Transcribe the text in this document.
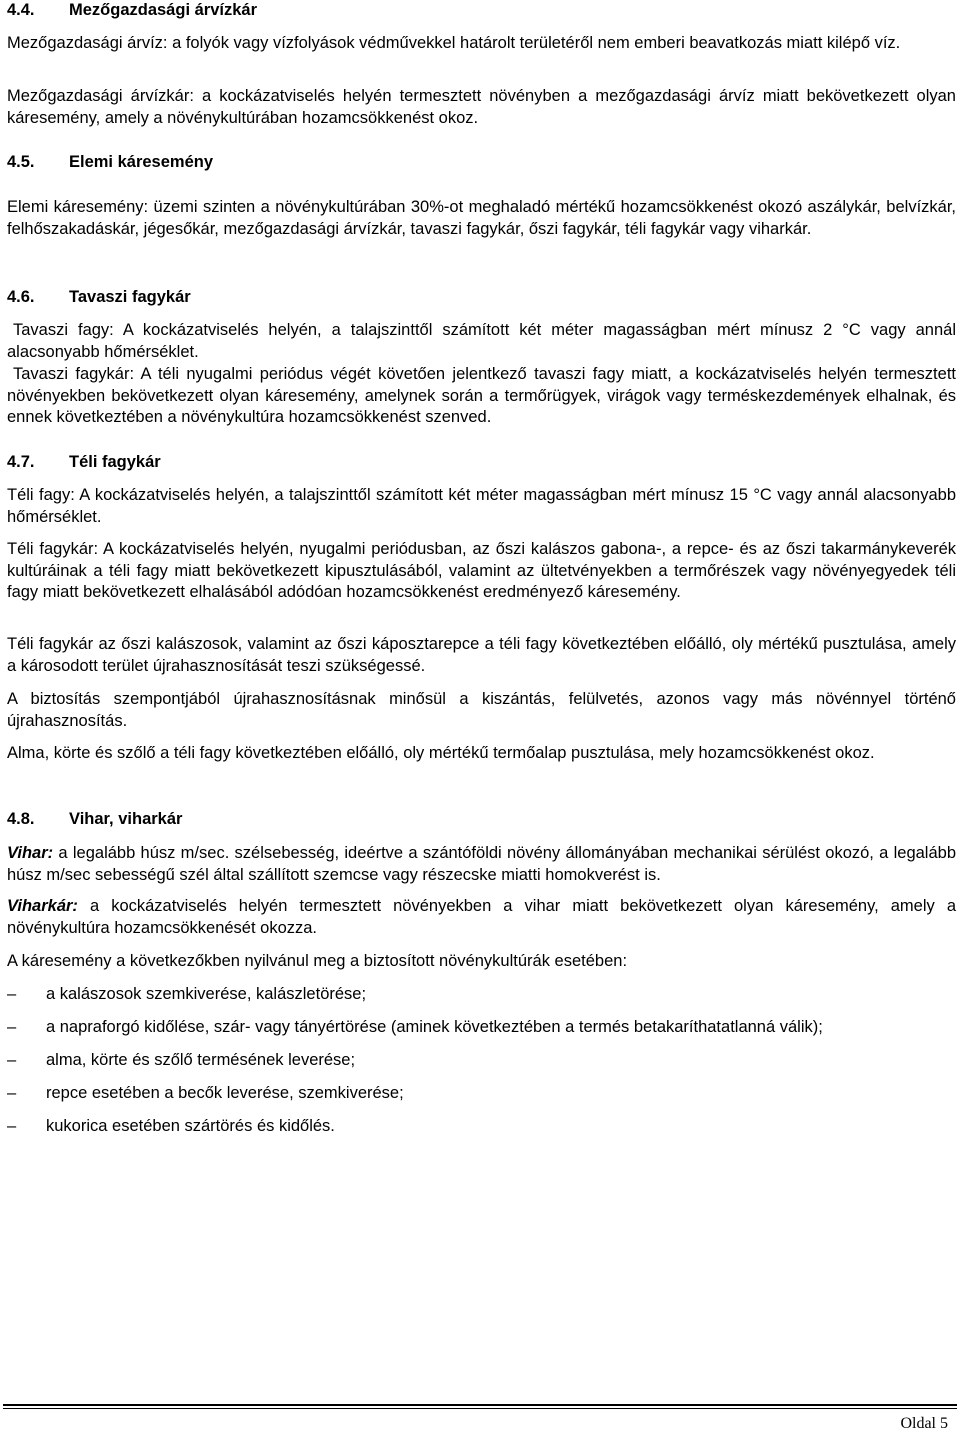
4.4.	Mezőgazdasági árvízkár

Mezőgazdasági árvíz: a folyók vagy vízfolyások védművekkel határolt területéről nem emberi beavatkozás miatt kilépő víz.

Mezőgazdasági árvízkár: a kockázatviselés helyén termesztett növényben a mezőgazdasági árvíz miatt bekövetkezett olyan káresemény, amely a növénykultúrában hozamcsökkenést okoz.

4.5.	Elemi káresemény

Elemi káresemény: üzemi szinten a növénykultúrában 30%-ot meghaladó mértékű hozamcsökkenést okozó aszálykár, belvízkár, felhőszakadáskár, jégesőkár, mezőgazdasági árvízkár, tavaszi fagykár, őszi fagykár, téli fagykár vagy viharkár.

4.6.	Tavaszi fagykár

Tavaszi fagy: A kockázatviselés helyén, a talajszinttől számított két méter magasságban mért mínusz 2 °C vagy annál alacsonyabb hőmérséklet.

Tavaszi fagykár: A téli nyugalmi periódus végét követően jelentkező tavaszi fagy miatt, a kockázatviselés helyén termesztett növényekben bekövetkezett olyan káresemény, amelynek során a termőrügyek, virágok vagy terméskezdemények elhalnak, és ennek következtében a növénykultúra hozamcsökkenést szenved.

4.7.	Téli fagykár

Téli fagy: A kockázatviselés helyén, a talajszinttől számított két méter magasságban mért mínusz 15 °C vagy annál alacsonyabb hőmérséklet.

Téli fagykár: A kockázatviselés helyén, nyugalmi periódusban, az őszi kalászos gabona-, a repce- és az őszi takarmánykeverék kultúráinak a téli fagy miatt bekövetkezett kipusztulásából, valamint az ültetvényekben a termőrészek vagy növényegyedek téli fagy miatt bekövetkezett elhalásából adódóan hozamcsökkenést eredményező káresemény.

Téli fagykár az őszi kalászosok, valamint az őszi káposztarepce a téli fagy következtében előálló, oly mértékű pusztulása, amely a károsodott terület újrahasznosítását teszi szükségessé.

A biztosítás szempontjából újrahasznosításnak minősül a kiszántás, felülvetés, azonos vagy más növénnyel történő újrahasznosítás.

Alma, körte és szőlő a téli fagy következtében előálló, oly mértékű termőalap pusztulása, mely hozamcsökkenést okoz.

4.8.	Vihar, viharkár

Vihar: a legalább húsz m/sec. szélsebesség, ideértve a szántóföldi növény állományában mechanikai sérülést okozó, a legalább húsz m/sec sebességű szél által szállított szemcse vagy részecske miatti homokverést is.

Viharkár: a kockázatviselés helyén termesztett növényekben a vihar miatt bekövetkezett olyan káresemény, amely a növénykultúra hozamcsökkenését okozza.

A káresemény a következőkben nyilvánul meg a biztosított növénykultúrák esetében:

–	a kalászosok szemkiverése, kalászletörése;
–	a napraforgó kidőlése, szár- vagy tányértörése (aminek következtében a termés betakaríthatatlanná válik);
–	alma, körte és szőlő termésének leverése;
–	repce esetében a becők leverése, szemkiverése;
–	kukorica esetében szártörés és kidőlés.
Oldal 5
